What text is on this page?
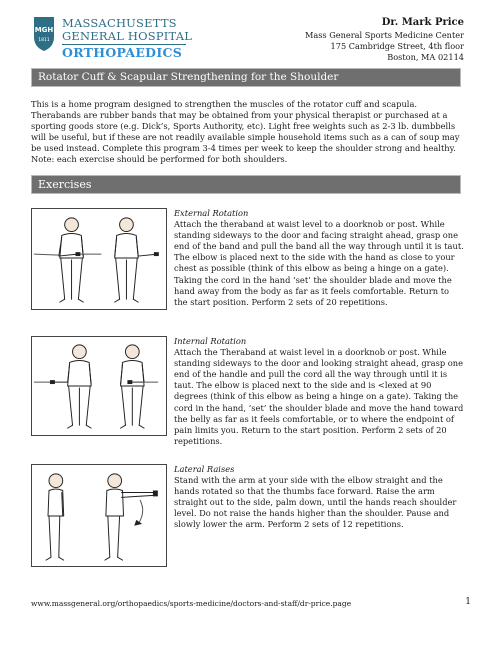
MGH
1811
MASSACHUSETTS
GENERAL HOSPITAL
ORTHOPAEDICS
Dr. Mark Price
Mass General Sports Medicine Center
175 Cambridge Street, 4th floor
Boston, MA 02114
Rotator Cuff & Scapular Strengthening for the Shoulder

This is a home program designed to strengthen the muscles of the rotator cuff and scapula. Therabands are rubber bands that may be obtained from your physical therapist or purchased at a sporting goods store (e.g. Dick’s, Sports Authority, etc). Light free weights such as 2-3 lb. dumbbells will be useful, but if these are not readily available simple household items such as a can of soup may be used instead. Complete this program 3-4 times per week to keep the shoulder strong and healthy. Note: each exercise should be performed for both shoulders.

Exercises
External Rotation
Attach the theraband at waist level to a doorknob or post. While standing sideways to the door and facing straight ahead, grasp one end of the band and pull the band all the way through until it is taut. The elbow is placed next to the side with the hand as close to your chest as possible (think of this elbow as being a hinge on a gate). Taking the cord in the hand ‘set’ the shoulder blade and move the hand away from the body as far as it feels comfortable. Return to the start position. Perform 2 sets of 20 repetitions.
Internal Rotation
Attach the Theraband at waist level in a doorknob or post. While standing sideways to the door and looking straight ahead, grasp one end of the handle and pull the cord all the way through until it is taut. The elbow is placed next to the side and is <lexed at 90 degrees (think of this elbow as being a hinge on a gate). Taking the cord in the hand, ‘set’ the shoulder blade and move the hand toward the belly as far as it feels comfortable, or to where the endpoint of pain limits you. Return to the start position. Perform 2 sets of 20 repetitions.
Lateral Raises
Stand with the arm at your side with the elbow straight and the hands rotated so that the thumbs face forward. Raise the arm straight out to the side, palm down, until the hands reach shoulder level. Do not raise the hands higher than the shoulder. Pause and slowly lower the arm. Perform 2 sets of 12 repetitions.
www.massgeneral.org/orthopaedics/sports-medicine/doctors-and-staff/dr-price.page	1
